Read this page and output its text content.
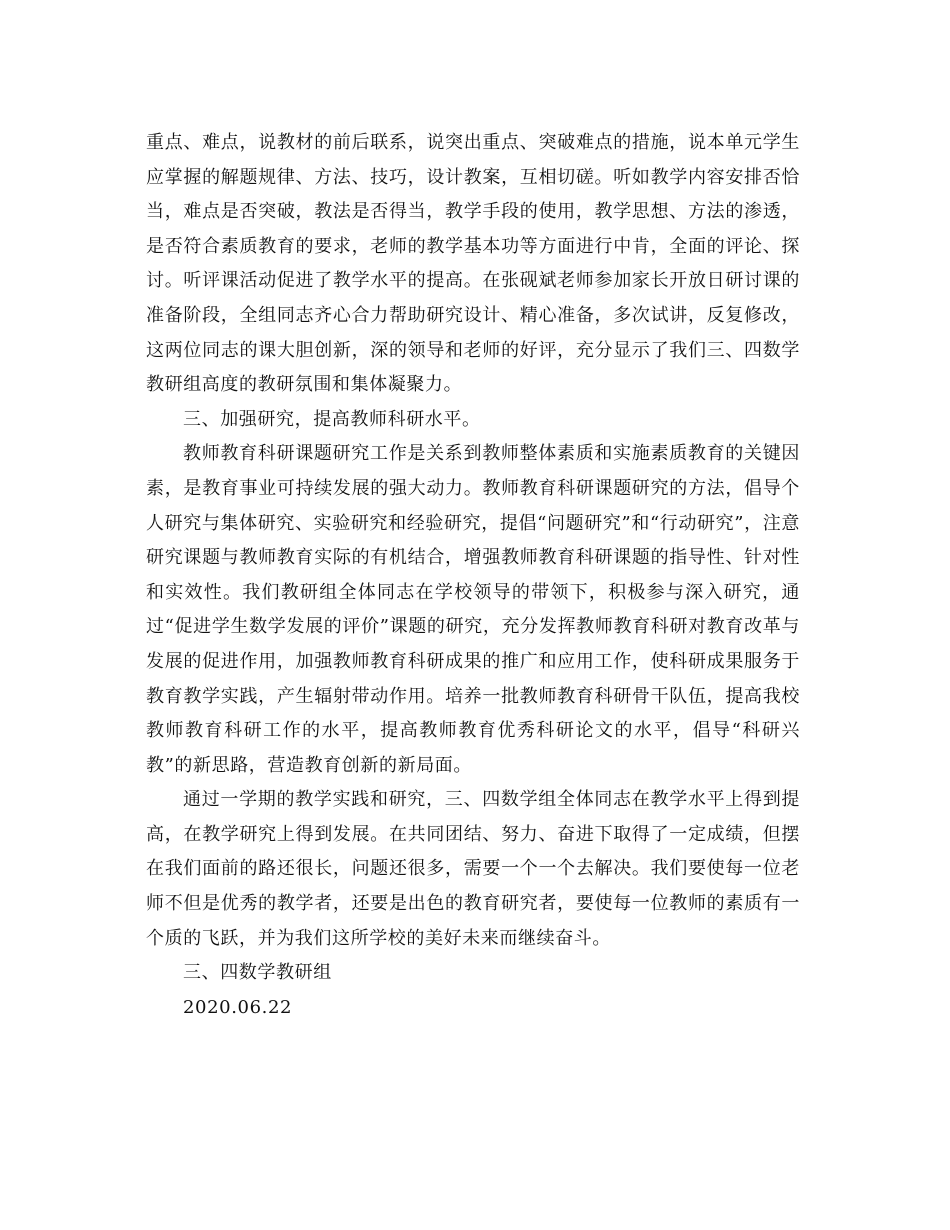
重点、难点，说教材的前后联系，说突出重点、突破难点的措施，说本单元学生应掌握的解题规律、方法、技巧，设计教案，互相切磋。听如教学内容安排否恰当，难点是否突破，教法是否得当，教学手段的使用，教学思想、方法的渗透，是否符合素质教育的要求，老师的教学基本功等方面进行中肯，全面的评论、探讨。听评课活动促进了教学水平的提高。在张砚斌老师参加家长开放日研讨课的准备阶段，全组同志齐心合力帮助研究设计、精心准备，多次试讲，反复修改，这两位同志的课大胆创新，深的领导和老师的好评，充分显示了我们三、四数学教研组高度的教研氛围和集体凝聚力。

三、加强研究，提高教师科研水平。

教师教育科研课题研究工作是关系到教师整体素质和实施素质教育的关键因素，是教育事业可持续发展的强大动力。教师教育科研课题研究的方法，倡导个人研究与集体研究、实验研究和经验研究，提倡“问题研究”和“行动研究”，注意研究课题与教师教育实际的有机结合，增强教师教育科研课题的指导性、针对性和实效性。我们教研组全体同志在学校领导的带领下，积极参与深入研究，通过“促进学生数学发展的评价”课题的研究，充分发挥教师教育科研对教育改革与发展的促进作用，加强教师教育科研成果的推广和应用工作，使科研成果服务于教育教学实践，产生辐射带动作用。培养一批教师教育科研骨干队伍，提高我校教师教育科研工作的水平，提高教师教育优秀科研论文的水平，倡导“科研兴教”的新思路，营造教育创新的新局面。

通过一学期的教学实践和研究，三、四数学组全体同志在教学水平上得到提高，在教学研究上得到发展。在共同团结、努力、奋进下取得了一定成绩，但摆在我们面前的路还很长，问题还很多，需要一个一个去解决。我们要使每一位老师不但是优秀的教学者，还要是出色的教育研究者，要使每一位教师的素质有一个质的飞跃，并为我们这所学校的美好未来而继续奋斗。

三、四数学教研组

2020.06.22
